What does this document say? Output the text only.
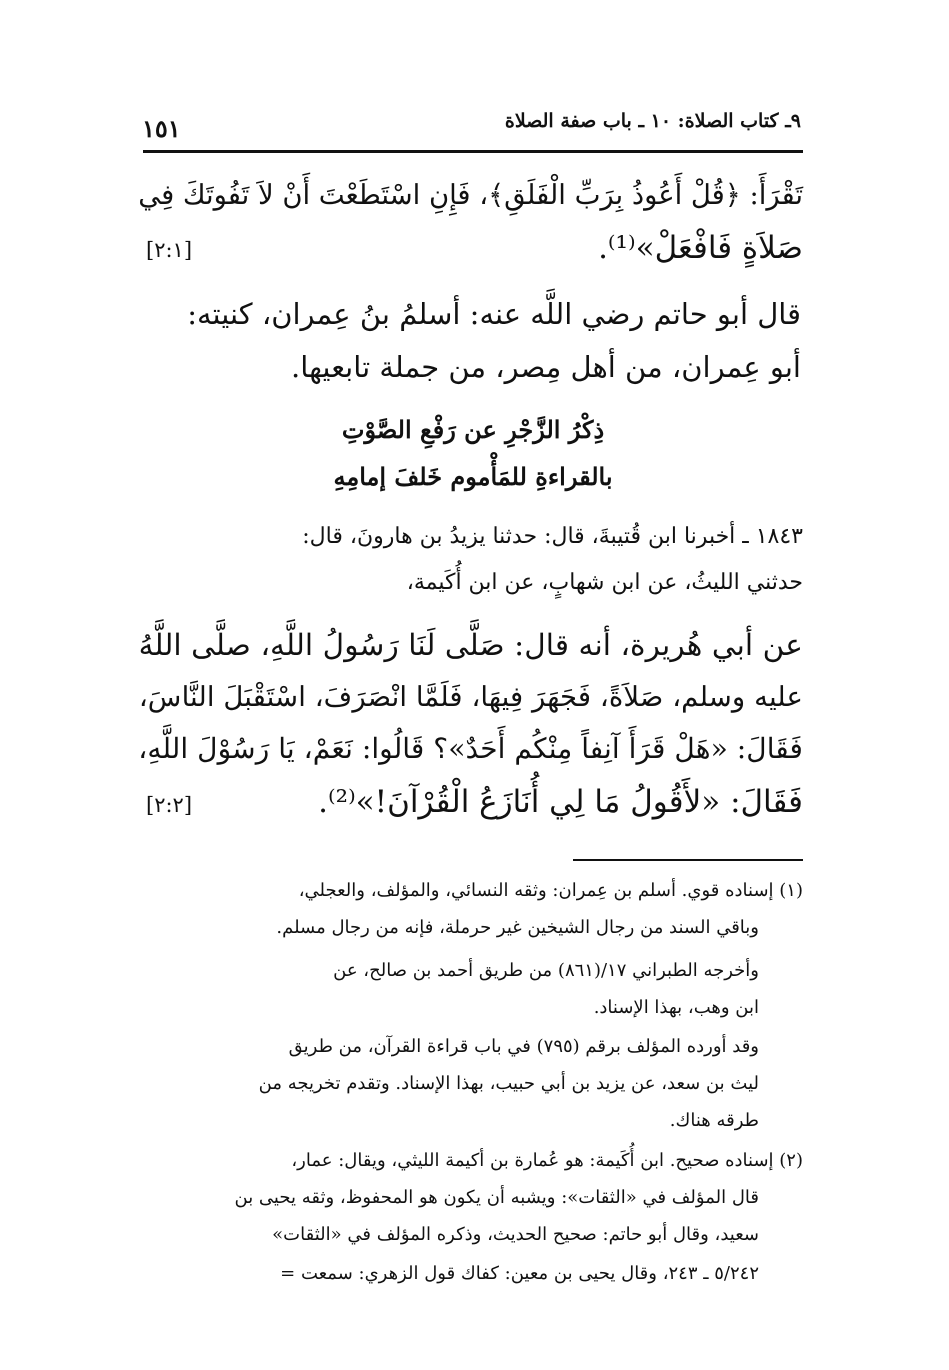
٩ـ كتاب الصلاة: ١٠ ـ باب صفة الصلاة
١٥١
تَقْرَأَ: ﴿قُلْ أَعُوذُ بِرَبِّ الْفَلَقِ﴾، فَإِنِ اسْتَطَعْتَ أَنْ لاَ تَفُوتَكَ فِي
صَلاَةٍ فَافْعَلْ»⁽¹⁾.
[٢:١]
قال أبو حاتم رضي اللَّه عنه: أسلمُ بنُ عِمران، كنيته:
أبو عِمران، من أهل مِصر، من جملة تابعيها.
ذِكْرُ الزَّجْرِ عن رَفْعِ الصَّوْتِ
بالقراءةِ للمَأْموم خَلفَ إمامِهِ
١٨٤٣ ـ أخبرنا ابن قُتيبةَ، قال: حدثنا يزيدُ بن هارونَ، قال:
حدثني الليثُ، عن ابن شهابٍ، عن ابن أُكَيمة،
عن أبي هُريرة، أنه قال: صَلَّى لَنَا رَسُولُ اللَّهِ، صلَّى اللَّهُ
عليه وسلم، صَلاَةً، فَجَهَرَ فِيهَا، فَلَمَّا انْصَرَفَ، اسْتَقْبَلَ النَّاسَ،
فَقَالَ: «هَلْ قَرَأَ آنِفاً مِنْكُم أَحَدٌ»؟ قَالُوا: نَعَمْ، يَا رَسُوْلَ اللَّهِ،
فَقَالَ: «لأَقُولُ مَا لِي أُنَازَعُ الْقُرْآنَ!»⁽²⁾.
[٢:٢]
(١) إسناده قوي. أسلم بن عِمران: وثقه النسائي، والمؤلف، والعجلي،
وباقي السند من رجال الشيخين غير حرملة، فإنه من رجال مسلم.
وأخرجه الطبراني ١٧/(٨٦١) من طريق أحمد بن صالح، عن
ابن وهب، بهذا الإسناد.
وقد أورده المؤلف برقم (٧٩٥) في باب قراءة القرآن، من طريق
ليث بن سعد، عن يزيد بن أبي حبيب، بهذا الإسناد. وتقدم تخريجه من
طرقه هناك.
(٢) إسناده صحيح. ابن أُكَيمة: هو عُمارة بن أكيمة الليثي، ويقال: عمار،
قال المؤلف في «الثقات»: ويشبه أن يكون هو المحفوظ، وثقه يحيى بن
سعيد، وقال أبو حاتم: صحيح الحديث، وذكره المؤلف في «الثقات»
٥/٢٤٢ ـ ٢٤٣، وقال يحيى بن معين: كفاك قول الزهري: سمعت =
